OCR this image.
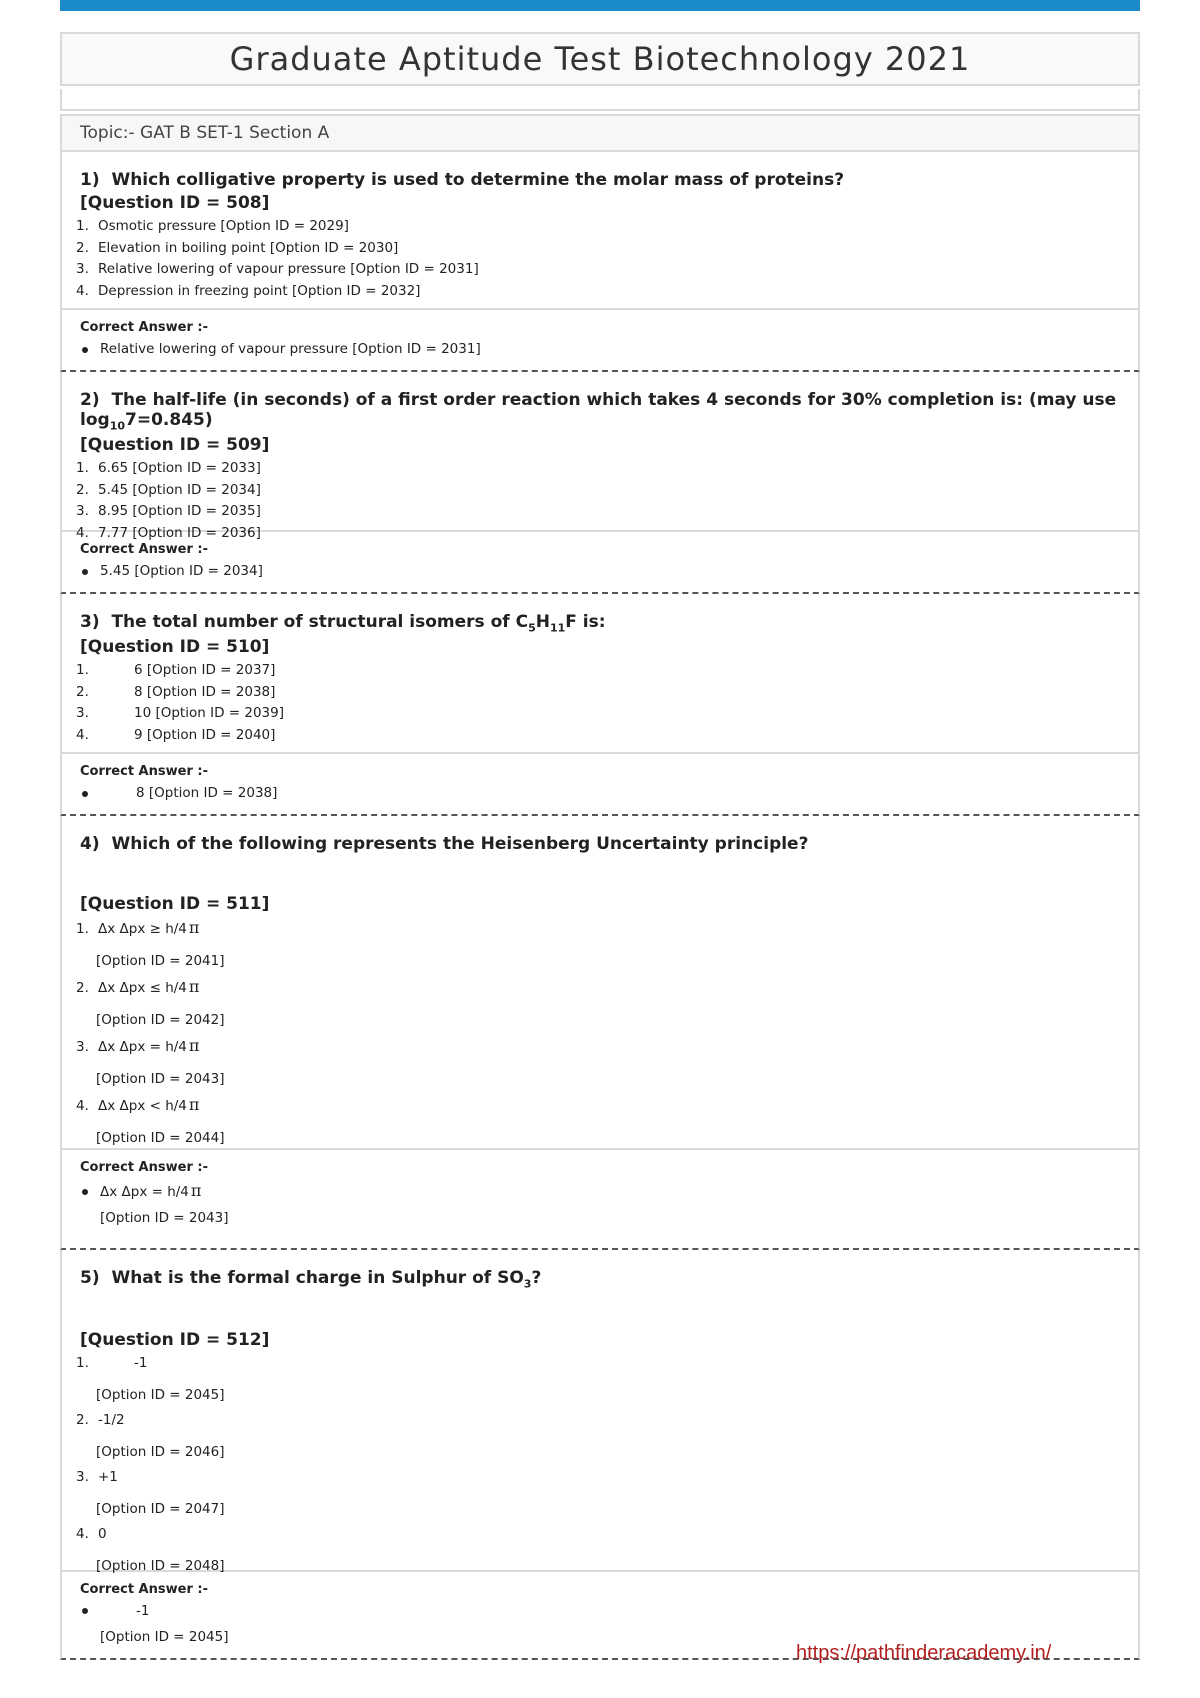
Graduate Aptitude Test Biotechnology 2021
Topic:- GAT B SET-1 Section A

1) Which colligative property is used to determine the molar mass of proteins?

[Question ID = 508]

1. Osmotic pressure [Option ID = 2029]
2. Elevation in boiling point [Option ID = 2030]
3. Relative lowering of vapour pressure [Option ID = 2031]
4. Depression in freezing point [Option ID = 2032]

Correct Answer :-

Relative lowering of vapour pressure [Option ID = 2031]

2) The half-life (in seconds) of a first order reaction which takes 4 seconds for 30% completion is: (may use $\log_{10}7=0.845$)

[Question ID = 509]

1. 6.65 [Option ID = 2033]
2. 5.45 [Option ID = 2034]
3. 8.95 [Option ID = 2035]
4. 7.77 [Option ID = 2036]

Correct Answer :-

5.45 [Option ID = 2034]

3) The total number of structural isomers of $C_5H_{11}F$ is:

[Question ID = 510]

1.	6 [Option ID = 2037]
2.	8 [Option ID = 2038]
3.	10 [Option ID = 2039]
4.	9 [Option ID = 2040]

Correct Answer :-

8 [Option ID = 2038]

4) Which of the following represents the Heisenberg Uncertainty principle?

[Question ID = 511]

1. Δx Δpx ≥ h/4 π
[Option ID = 2041]
2. Δx Δpx ≤ h/4 π
[Option ID = 2042]
3. Δx Δpx = h/4 π
[Option ID = 2043]
4. Δx Δpx < h/4 π
[Option ID = 2044]

Correct Answer :-

Δx Δpx = h/4 π
[Option ID = 2043]

5) What is the formal charge in Sulphur of $SO_3$?

[Question ID = 512]

1.	-1
[Option ID = 2045]
2. -1/2
[Option ID = 2046]
3. +1
[Option ID = 2047]
4. 0
[Option ID = 2048]

Correct Answer :-

-1
[Option ID = 2045]
https://pathfinderacademy.in/
